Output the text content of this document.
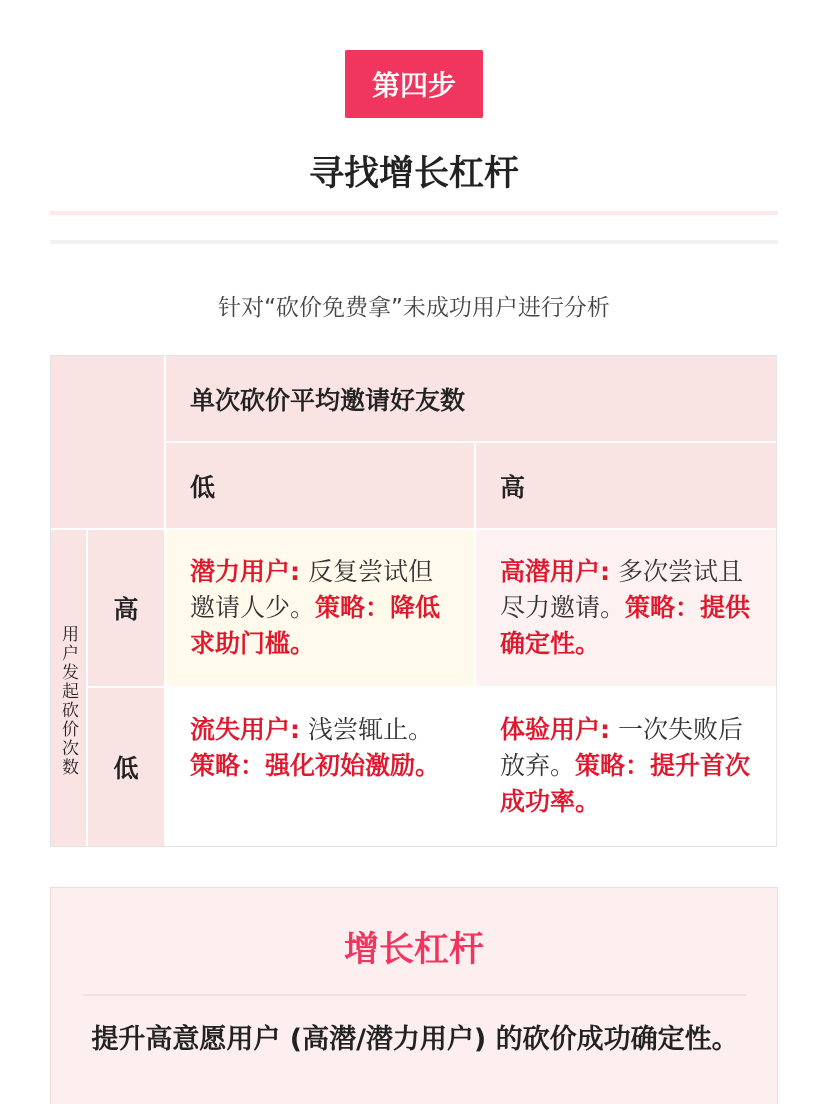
第四步
寻找增长杠杆
针对“砍价免费拿”未成功用户进行分析
单次砍价平均邀请好友数
低	高
用户发起砍价次数
高
低
潜力用户: 反复尝试但邀请人少。策略：降低求助门槛。
高潜用户: 多次尝试且尽力邀请。策略：提供确定性。
流失用户: 浅尝辄止。策略：强化初始激励。
体验用户: 一次失败后放弃。策略：提升首次成功率。
增长杠杆
提升高意愿用户 (高潜/潜力用户) 的砍价成功确定性。
